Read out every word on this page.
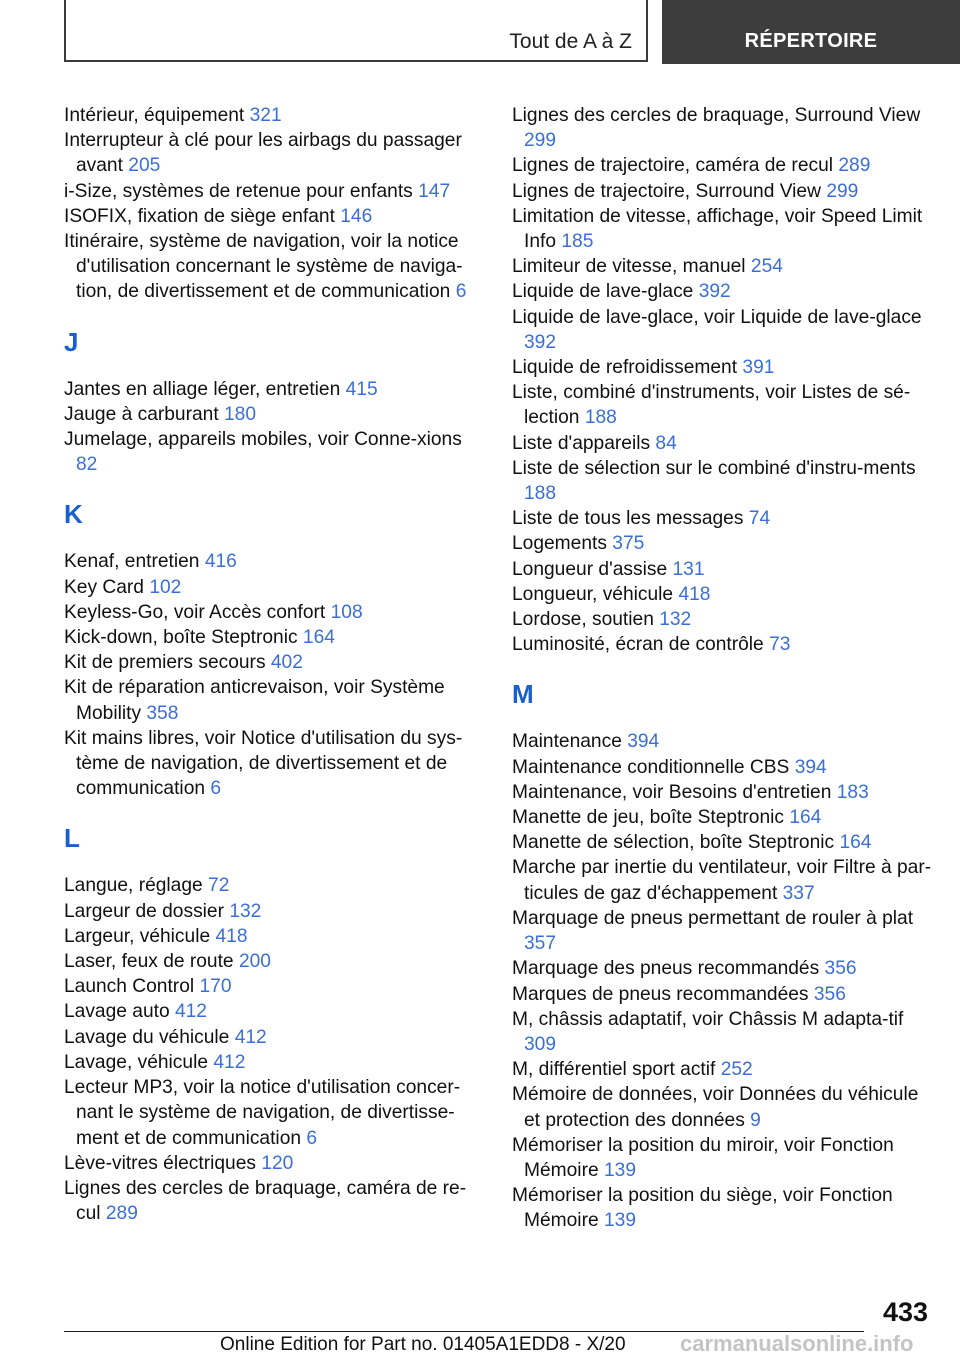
Tout de A à Z	RÉPERTOIRE
Intérieur, équipement 321
Interrupteur à clé pour les airbags du passager avant 205
i-Size, systèmes de retenue pour enfants 147
ISOFIX, fixation de siège enfant 146
Itinéraire, système de navigation, voir la notice d'utilisation concernant le système de naviga-tion, de divertissement et de communication 6
J
Jantes en alliage léger, entretien 415
Jauge à carburant 180
Jumelage, appareils mobiles, voir Conne-xions 82
K
Kenaf, entretien 416
Key Card 102
Keyless-Go, voir Accès confort 108
Kick-down, boîte Steptronic 164
Kit de premiers secours 402
Kit de réparation anticrevaison, voir Système Mobility 358
Kit mains libres, voir Notice d'utilisation du sys-tème de navigation, de divertissement et de communication 6
L
Langue, réglage 72
Largeur de dossier 132
Largeur, véhicule 418
Laser, feux de route 200
Launch Control 170
Lavage auto 412
Lavage du véhicule 412
Lavage, véhicule 412
Lecteur MP3, voir la notice d'utilisation concer-nant le système de navigation, de divertisse-ment et de communication 6
Lève-vitres électriques 120
Lignes des cercles de braquage, caméra de re-cul 289
Lignes des cercles de braquage, Surround View 299
Lignes de trajectoire, caméra de recul 289
Lignes de trajectoire, Surround View 299
Limitation de vitesse, affichage, voir Speed Limit Info 185
Limiteur de vitesse, manuel 254
Liquide de lave-glace 392
Liquide de lave-glace, voir Liquide de lave-glace 392
Liquide de refroidissement 391
Liste, combiné d'instruments, voir Listes de sé-lection 188
Liste d'appareils 84
Liste de sélection sur le combiné d'instru-ments 188
Liste de tous les messages 74
Logements 375
Longueur d'assise 131
Longueur, véhicule 418
Lordose, soutien 132
Luminosité, écran de contrôle 73
M
Maintenance 394
Maintenance conditionnelle CBS 394
Maintenance, voir Besoins d'entretien 183
Manette de jeu, boîte Steptronic 164
Manette de sélection, boîte Steptronic 164
Marche par inertie du ventilateur, voir Filtre à par-ticules de gaz d'échappement 337
Marquage de pneus permettant de rouler à plat 357
Marquage des pneus recommandés 356
Marques de pneus recommandées 356
M, châssis adaptatif, voir Châssis M adapta-tif 309
M, différentiel sport actif 252
Mémoire de données, voir Données du véhicule et protection des données 9
Mémoriser la position du miroir, voir Fonction Mémoire 139
Mémoriser la position du siège, voir Fonction Mémoire 139
433
Online Edition for Part no. 01405A1EDD8 - X/20 carmanualsonline.info
